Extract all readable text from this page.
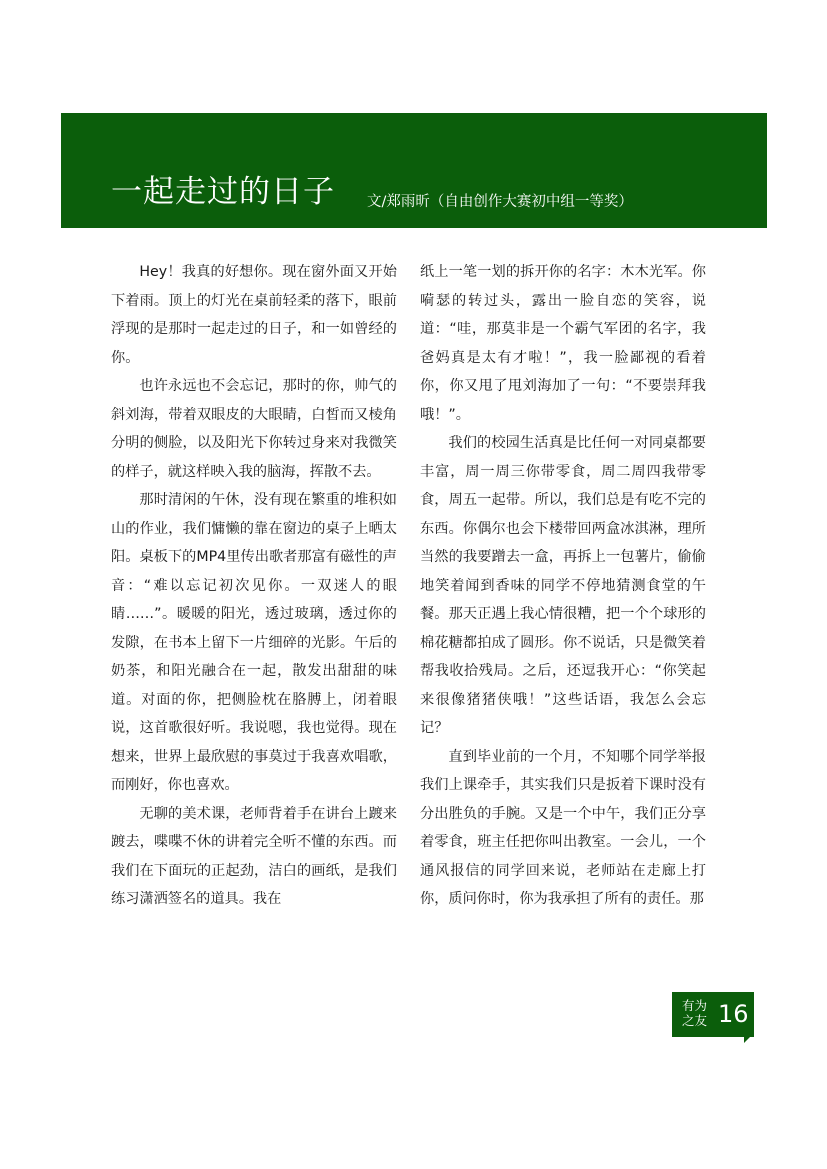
一起走过的日子 文/郑雨昕（自由创作大赛初中组一等奖）

Hey！我真的好想你。现在窗外面又开始下着雨。顶上的灯光在桌前轻柔的落下，眼前浮现的是那时一起走过的日子，和一如曾经的你。

也许永远也不会忘记，那时的你，帅气的斜刘海，带着双眼皮的大眼睛，白皙而又棱角分明的侧脸，以及阳光下你转过身来对我微笑的样子，就这样映入我的脑海，挥散不去。

那时清闲的午休，没有现在繁重的堆积如山的作业，我们慵懒的靠在窗边的桌子上晒太阳。桌板下的MP4里传出歌者那富有磁性的声音：“难以忘记初次见你。一双迷人的眼睛……”。暖暖的阳光，透过玻璃，透过你的发隙，在书本上留下一片细碎的光影。午后的奶茶，和阳光融合在一起，散发出甜甜的味道。对面的你，把侧脸枕在胳膊上，闭着眼说，这首歌很好听。我说嗯，我也觉得。现在想来，世界上最欣慰的事莫过于我喜欢唱歌，而刚好，你也喜欢。

无聊的美术课，老师背着手在讲台上踱来踱去，喋喋不休的讲着完全听不懂的东西。而我们在下面玩的正起劲，洁白的画纸，是我们练习潇洒签名的道具。我在

纸上一笔一划的拆开你的名字：木木光军。你嗬瑟的转过头，露出一脸自恋的笑容，说道：“哇，那莫非是一个霸气军团的名字，我爸妈真是太有才啦！”，我一脸鄙视的看着你，你又甩了甩刘海加了一句：“不要崇拜我哦！”。

我们的校园生活真是比任何一对同桌都要丰富，周一周三你带零食，周二周四我带零食，周五一起带。所以，我们总是有吃不完的东西。你偶尔也会下楼带回两盒冰淇淋，理所当然的我要蹭去一盒，再拆上一包薯片，偷偷地笑着闻到香味的同学不停地猜测食堂的午餐。那天正遇上我心情很糟，把一个个球形的棉花糖都拍成了圆形。你不说话，只是微笑着帮我收拾残局。之后，还逗我开心：“你笑起来很像猪猪侠哦！”这些话语，我怎么会忘记？

直到毕业前的一个月，不知哪个同学举报我们上课牵手，其实我们只是扳着下课时没有分出胜负的手腕。又是一个中午，我们正分享着零食，班主任把你叫出教室。一会儿，一个通风报信的同学回来说，老师站在走廊上打你，质问你时，你为我承担了所有的责任。那

有为之友 16
